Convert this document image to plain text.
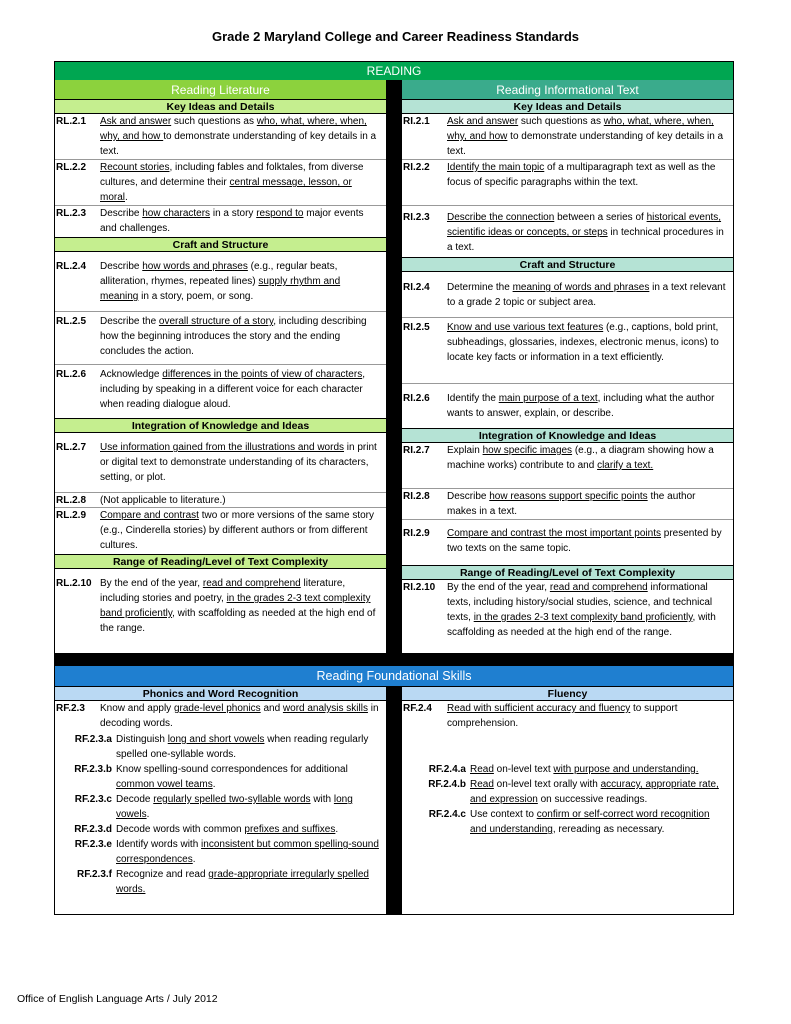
Grade 2 Maryland College and Career Readiness Standards
READING
Reading Literature
Key Ideas and Details
RL.2.1	Ask and answer such questions as who, what, where, when, why, and how to demonstrate understanding of key details in a text.
RL.2.2	Recount stories, including fables and folktales, from diverse cultures, and determine their central message, lesson, or moral.
RL.2.3	Describe how characters in a story respond to major events and challenges.
Craft and Structure
RL.2.4	Describe how words and phrases (e.g., regular beats, alliteration, rhymes, repeated lines) supply rhythm and meaning in a story, poem, or song.
RL.2.5	Describe the overall structure of a story, including describing how the beginning introduces the story and the ending concludes the action.
RL.2.6	Acknowledge differences in the points of view of characters, including by speaking in a different voice for each character when reading dialogue aloud.
Integration of Knowledge and Ideas
RL.2.7	Use information gained from the illustrations and words in print or digital text to demonstrate understanding of its characters, setting, or plot.
RL.2.8	(Not applicable to literature.)
RL.2.9	Compare and contrast two or more versions of the same story (e.g., Cinderella stories) by different authors or from different cultures.
Range of Reading/Level of Text Complexity
RL.2.10 By the end of the year, read and comprehend literature, including stories and poetry, in the grades 2-3 text complexity band proficiently, with scaffolding as needed at the high end of the range.
Reading Informational Text
Key Ideas and Details
RI.2.1	Ask and answer such questions as who, what, where, when, why, and how to demonstrate understanding of key details in a text.
RI.2.2	Identify the main topic of a multiparagraph text as well as the focus of specific paragraphs within the text.
RI.2.3	Describe the connection between a series of historical events, scientific ideas or concepts, or steps in technical procedures in a text.
Craft and Structure
RI.2.4	Determine the meaning of words and phrases in a text relevant to a grade 2 topic or subject area.
RI.2.5	Know and use various text features (e.g., captions, bold print, subheadings, glossaries, indexes, electronic menus, icons) to locate key facts or information in a text efficiently.
RI.2.6	Identify the main purpose of a text, including what the author wants to answer, explain, or describe.
Integration of Knowledge and Ideas
RI.2.7	Explain how specific images (e.g., a diagram showing how a machine works) contribute to and clarify a text.
RI.2.8	Describe how reasons support specific points the author makes in a text.
RI.2.9	Compare and contrast the most important points presented by two texts on the same topic.
Range of Reading/Level of Text Complexity
RI.2.10	By the end of the year, read and comprehend informational texts, including history/social studies, science, and technical texts, in the grades 2-3 text complexity band proficiently, with scaffolding as needed at the high end of the range.
Reading Foundational Skills
Phonics and Word Recognition
RF.2.3	Know and apply grade-level phonics and word analysis skills in decoding words.
RF.2.3.a Distinguish long and short vowels when reading regularly spelled one-syllable words.
RF.2.3.b Know spelling-sound correspondences for additional common vowel teams.
RF.2.3.c Decode regularly spelled two-syllable words with long vowels.
RF.2.3.d Decode words with common prefixes and suffixes.
RF.2.3.e Identify words with inconsistent but common spelling-sound correspondences.
RF.2.3.f Recognize and read grade-appropriate irregularly spelled words.
Fluency
RF.2.4	Read with sufficient accuracy and fluency to support comprehension.
RF.2.4.a Read on-level text with purpose and understanding.
RF.2.4.b Read on-level text orally with accuracy, appropriate rate, and expression on successive readings.
RF.2.4.c Use context to confirm or self-correct word recognition and understanding, rereading as necessary.
Office of English Language Arts / July 2012
